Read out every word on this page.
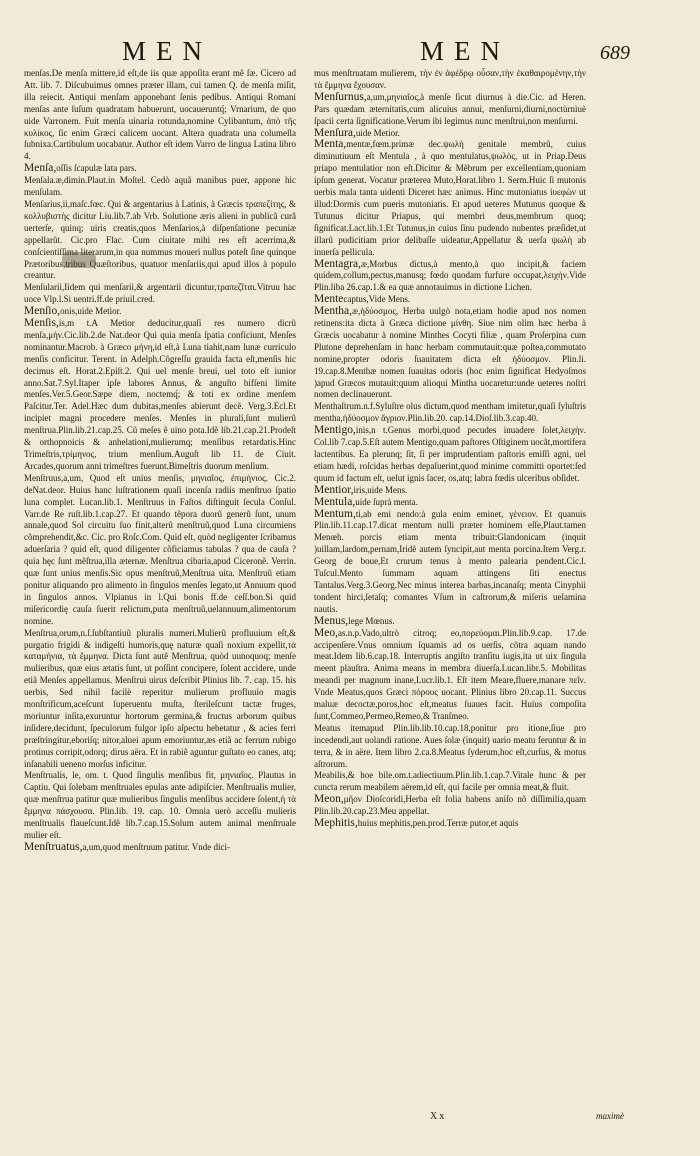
MEN	MEN	689

menſas.De menſa mittere,id eſt,de iis quæ appoſita erant mẽ ſæ. Cicero ad Att. lib. 7. Diſcubuimus omnes præter illam, cui tamen Q. de menſa miſit, illa reiecit. Antiqui menſam apponebant ſenis pedibus. Antiqui Romani menſas ante ſuſum quadratam habuerunt, uocaueruntq́; Vrnarium, de quo uide Varronem. Fuit menſa uinaria rotunda,nomine Cylibantum, ἀπὸ τῆς κυλίκος, ſic enim Græci calicem uocant. Altera quadrata una columella ſubnixa.Cartibulum uocabatur. Author eſt idem Varro de lingua Latina libro 4.

Menſa,oſſis ſcapulæ lata pars.

Menſala.æ,dimin.Plaut.in Moſtel. Cedò aquã manibus puer, appone hic menſulam.

Menſarius,ii,maſc.fœc. Qui & argentarius à Latinis, à Græcis τραπεζίτης, & κολλυβιστὴς dicitur Liu.lib.7.ab Vrb. Solutione æris alieni in publicã curã uerterſe, quinq; uiris creatis,quos Menſarios,à diſpenſatione pecuniæ appellarũt. Cic.pro Flac. Cum ciuitate mihi res eſt acerrima,& conſcientiſſima literarum,in qua nummus moueri nullus poteſt ſine quinque Prætoribus,tribus Quæſtoribus, quatuor menſariis,qui apud illos à populo creantur.

Menſularii,Iidem qui menſarii,& argentarii dicuntur,τραπεζῖται.Vitruu hac uoce Vlp.l.Si uentri.ff.de priuil.cred.

Menſio,onis,uide Metior.

Menſis,is,m t.A Metior deducitur,quaſi res numero dicrũ menſa,μὴν.Cic.lib.2.de Nat.deor Qui quia menſa ſpatia conficiunt, Menſes nominantur.Macrob. à Græco μήνη,id eſt,à Luna tiahit,nam lunæ curriculo menſis conficitur. Terent. in Adelph.Cõgreſſu grauida facta eſt,menſis hic decimus eſt. Horat.2.Epiſt.2. Qui uel menſe breui, uel toto eſt iunior anno.Sat.7.Syl.Itaper ipſe labores Annus, & anguſto bifſeni limite menſes.Ver.5.Geor.Sæpe diem, noctemq́; & toti ex ordine menſem Paſcitur.Ter. Adel.Hæc dum dubitas,menſes abierunt decẽ. Verg.3.Ecl.Et incipiet magni procedere menſes. Menſes in plurali,ſunt mulierũ menſtrua.Plin.lib.21.cap.25. Cũ meſes ẽ uino pota.Idẽ lib.21.cap.21.Prodeſt & orthopnoicis & anhelationi,mulierumq; menſibus retardatis.Hinc Trimeſtris,τρίμηνος, trium menſium.Auguſt lib 11. de Ciuit. Arcades,quorum anni trimeſtres fuerunt.Bimeſtris duorum menſium.

Menſtruus,a,um, Quod eſt unius menſis, μηνιαῖος, ἐπιμήνιος. Cic.2. deNat.deor. Huius hanc luſtrationem quaſi incenſa radiis menſtruo ſpatio luna complet. Lucan.lib.1. Menſtruus in Faſtos diſtinguit ſecula Conſul. Varr.de Re ruſt.lib.1.cap.27. Et quando tẽpora duorũ generũ ſunt, unum annale,quod Sol circuitu ſuo finit,alterũ menſtruũ,quod Luna circumiens cõmprehendit,&c. Cic. pro Roſc.Com. Quid eſt, quòd negligenter ſcribamus aduerſaria ? quid eſt, quod diligenter cõficiamus tabulas ? qua de cauſa ? quia hęc ſunt mẽſtrua,illa æternæ. Menſtrua cibaria,apud Ciceronẽ. Verrin. quæ ſunt unius menſis.Sic opus menſtruũ,Menſtrua uita. Menſtruũ etiam ponitur aliquando pro alimento in ſingulos menſes legato,ut Annuum quod in ſingulos annos. Vlpianus in l.Qui bonis ff.de ceſſ.bon.Si quid miſericordię cauſa ſuerit relictum,puta menſtruũ,uelannuum,alimentorum nomine.

Menſtrua,orum,n.ſ.ſubſtantiuũ pluralis numeri.Mulierũ profluuium eſt,& purgatio frigidi & indigeſti humoris,quę naturæ quaſi noxium expellit,τὰ καταμήνια, τὰ ἔμμηνα. Dicta ſunt autẽ Menſtrua, quòd uunoquoq; menſe mulieribus, quæ eius ætatis ſunt, ut poſſint concipere, ſolent accidere, unde etiã Menſes appellamus. Menſtrui uirus deſcribit Plinius lib. 7. cap. 15. his uerbis, Sed nihil facilè reperitur mulierum profluuio magis monſtrificum,aceſcunt ſuperuentu muſta, ſterileſcunt tactæ fruges, moriuntur inſita,exuruntur hortorum germina,& fructus arborum quibus inſidere,decidunt, ſpeculorum fulgor ipſo aſpectu hebetatur , & acies ferri præſtringitur,eboriſq; nitor,aluei apum emoriuntur,æs etiã ac ferrum rubigo protinus corripit,odorq; dirus aëra. Et in rabiẽ aguntur guſtato eo canes, atq; inſanabili ueneno morſus inficitur.

Menſtrualis, le, om. t. Quod ſingulis menſibus fit, μηνιαῖος. Plautus in Captiu. Qui ſolebam menſtruales epulas ante adipiſcier. Menſtrualis mulier, quæ menſtrua patitur quæ mulieribus ſingulis menſibus accidere ſolent,ἡ τὰ ἔμμηνα πάσχουσα. Plin.lib. 19. cap. 10. Omnia uerò acceſſu mulieris menſtrualis flaueſcunt.Idẽ lib.7.cap.15.Solum autem animal menſtruale mulier eſt.

Menſtruatus,a,um,quod menſtruum patitur. Vnde dici-

mus menſtruatam mulierem, τὴν ἐν ἀφέδρῳ οὖσαν,τὴν ἐκαθαιρομένην,τὴν τὰ ἔμμηνα ἔχουσαν.

Menſurnus,a,um,μηνιαῖος,à menſe ſicut diurnus à die.Cic. ad Heren. Pars quædam æternitatis,cum alicuius annui, menſurni,diurni,noctùrnìuè ſpacii certa ſignificatione.Verum ibi legimus nunc menſtrui,non menſurni.

Menſura,uide Metior.

Menta,mentæ,fœm.primæ dec.ψωλὴ genitale membrũ, cuius diminutiuum eſt Mentula , à quo mentulatus,ψωλὸς, ut in Priap.Deus priapo mentulatior non eſt.Dicitur & Mẽbrum per excellentiam,quoniam ipſum generat. Vocatur præterea Muto,Horat.libro 1. Serm.Huic ſi mutonis uerbis mala tanta uidenti Diceret hæc animus. Hinc mutoniatus ἱυεφὼν ut illud:Dormis cum pueris mutoniatis. Et apud ueteres Mutunus quoque & Tutunus dicitur Priapus, qui membri deus,membrum quoq; ſignificat.Lact.lib.1.Et Tutunus,in cuius ſinu pudendo nubentes præſidet,ut illarũ pudicitiam prior delibaſſe uideatur,Appellatur & uerſa ψωλὴ ab inuerſa pellicula.

Mentagra,æ,Morbus dictus,à mento,à quo incipit,& faciem quidem,collum,pectus,manusq; fœdo quodam furfure occupat,λειχὴν.Vide Plin.liba 26.cap.1.& ea quæ annotauimus in dictione Lichen.

Mentecaptus,Vide Mens.

Mentha,æ,ἡδύοσμος, Herba uulgò nota,etiam hodie apud nos nomen retinens:ita dicta à Græca dictione μίνθη. Siue nim olim hæc herba à Græcis uocabatur à nomine Minthes Cocyti filiæ , quam Proſerpina cum Plutone deprehenſam in hanc herbam commutauit:quæ poſtea,commutato nomine,propter odoris ſuauitatem dicta eſt ἡδύοσμον. Plin.li. 19.cap.8.Menthæ nomen ſuauitas odoris (hoc enim ſignificat Hedyoſmos )apud Græcos mutauit:quum alioqui Mintha uocaretur:unde ueteres noſtri nomen declinauerunt.

Menthaſtrum.n.f.Syluſtre olus dictum,quod mentham imitetur,quaſi ſyluſtris mentha,ἡδύοσμον ἄγριον.Plin.lib.20. cap.14.Dioſ.lib.3.cap.40.

Mentigo,inis,n t.Genus morbi,quod pecudes inuadere ſolet,λειχὴν. Col.lib 7.cap.5.Eſt autem Mentigo,quam paſtores Oſtiginem uocãt,mortifera lactentibus. Ea plerunq; ſit, ſi per imprudentiam paſtoris emiſſi agni, uel etiam hædi, roſcidas herbas depaſuerint,quod minime committi oportet:ſed quum id factum eſt, uelut ignis ſacer, os,atq; labra fœdis ulceribus obſidet.

Mentior,iris,uide Mens.

Mentula,uide ſuprà menta.

Mentum,ti,ab emi nendo:à gula enim eminet, γένειον. Et quanuis Plin.lib.11.cap.17.dicat mentum nulli præter hominem eſſe,Plaut.tamen Menœh. porcis etiam menta tribuit:Glandonicam (inquit )uillam,lardom,pernam,Iridẽ autem ſyncipit,aut menta porcina.Item Verg.r. Georg de boue,Et crurum tenus à mento palearia pendent.Cic.l. Tuſcul.Mento ſummam aquam attingens ſiti enectus Tantalus.Verg.3.Georg.Nec minus interea barbas,incanaſq; menta Cinyphii tondent hirci,ſetaſq; comantes Vſum in caſtrorum,& miſeris uelamina nautis.

Menus,lege Mœnus.

Meo,as.n.p.Vado,ultrò citroq; eo,πορεύομαι.Plin.lib.9.cap. 17.de accipenſere.Vnus omnium ſquamis ad os uerſis, cõtra aquam nando meat.Idem lib.6.cap.18. Interruptis angiſto tranſitu iugis,ita ut uix ſingula meent plauſtra. Anima means in membra diuerſa.Lucan.libr.5. Mobilitas meandi per magnum inane,Lucr.lib.1. Eſt item Meare,fluere,manare πεῖν. Vnde Meatus,quos Græci πόρους uocant. Plinius libro 20.cap.11. Succus maluæ decoctæ,poros,hoc eſt,meatus ſuaues facit. Huius compoſita ſunt,Commeo,Permeo,Remeo,& Tranſmeo.

Meatus itemapud Plin.lib.lib.10.cap.18.ponitur pro itione,ſiue pro incedendi,aut uolandi ratione. Aues ſolæ (inquit) uario meatu feruntur & in terra, & in aëre. Item libro 2.ca.8.Meatus ſyderum,hoc eſt,curſus, & motus aſtrorum.

Meabilis,& hoe bile.om.t.adiectiuum.Plin.lib.1.cap.7.Vitale hunc & per cuncta rerum meabilem aërem,id eſt, qui facile per omnia meat,& fluit.

Meon,μῆον Dioſcoridi,Herba eſt folia habens aniſo nõ diſſimilia,quam Plin.lib.20.cap.23.Meu appellat.

Mephitis,huius mephitis,pen.prod.Terræ putor,et aquis

Xx	maximè
